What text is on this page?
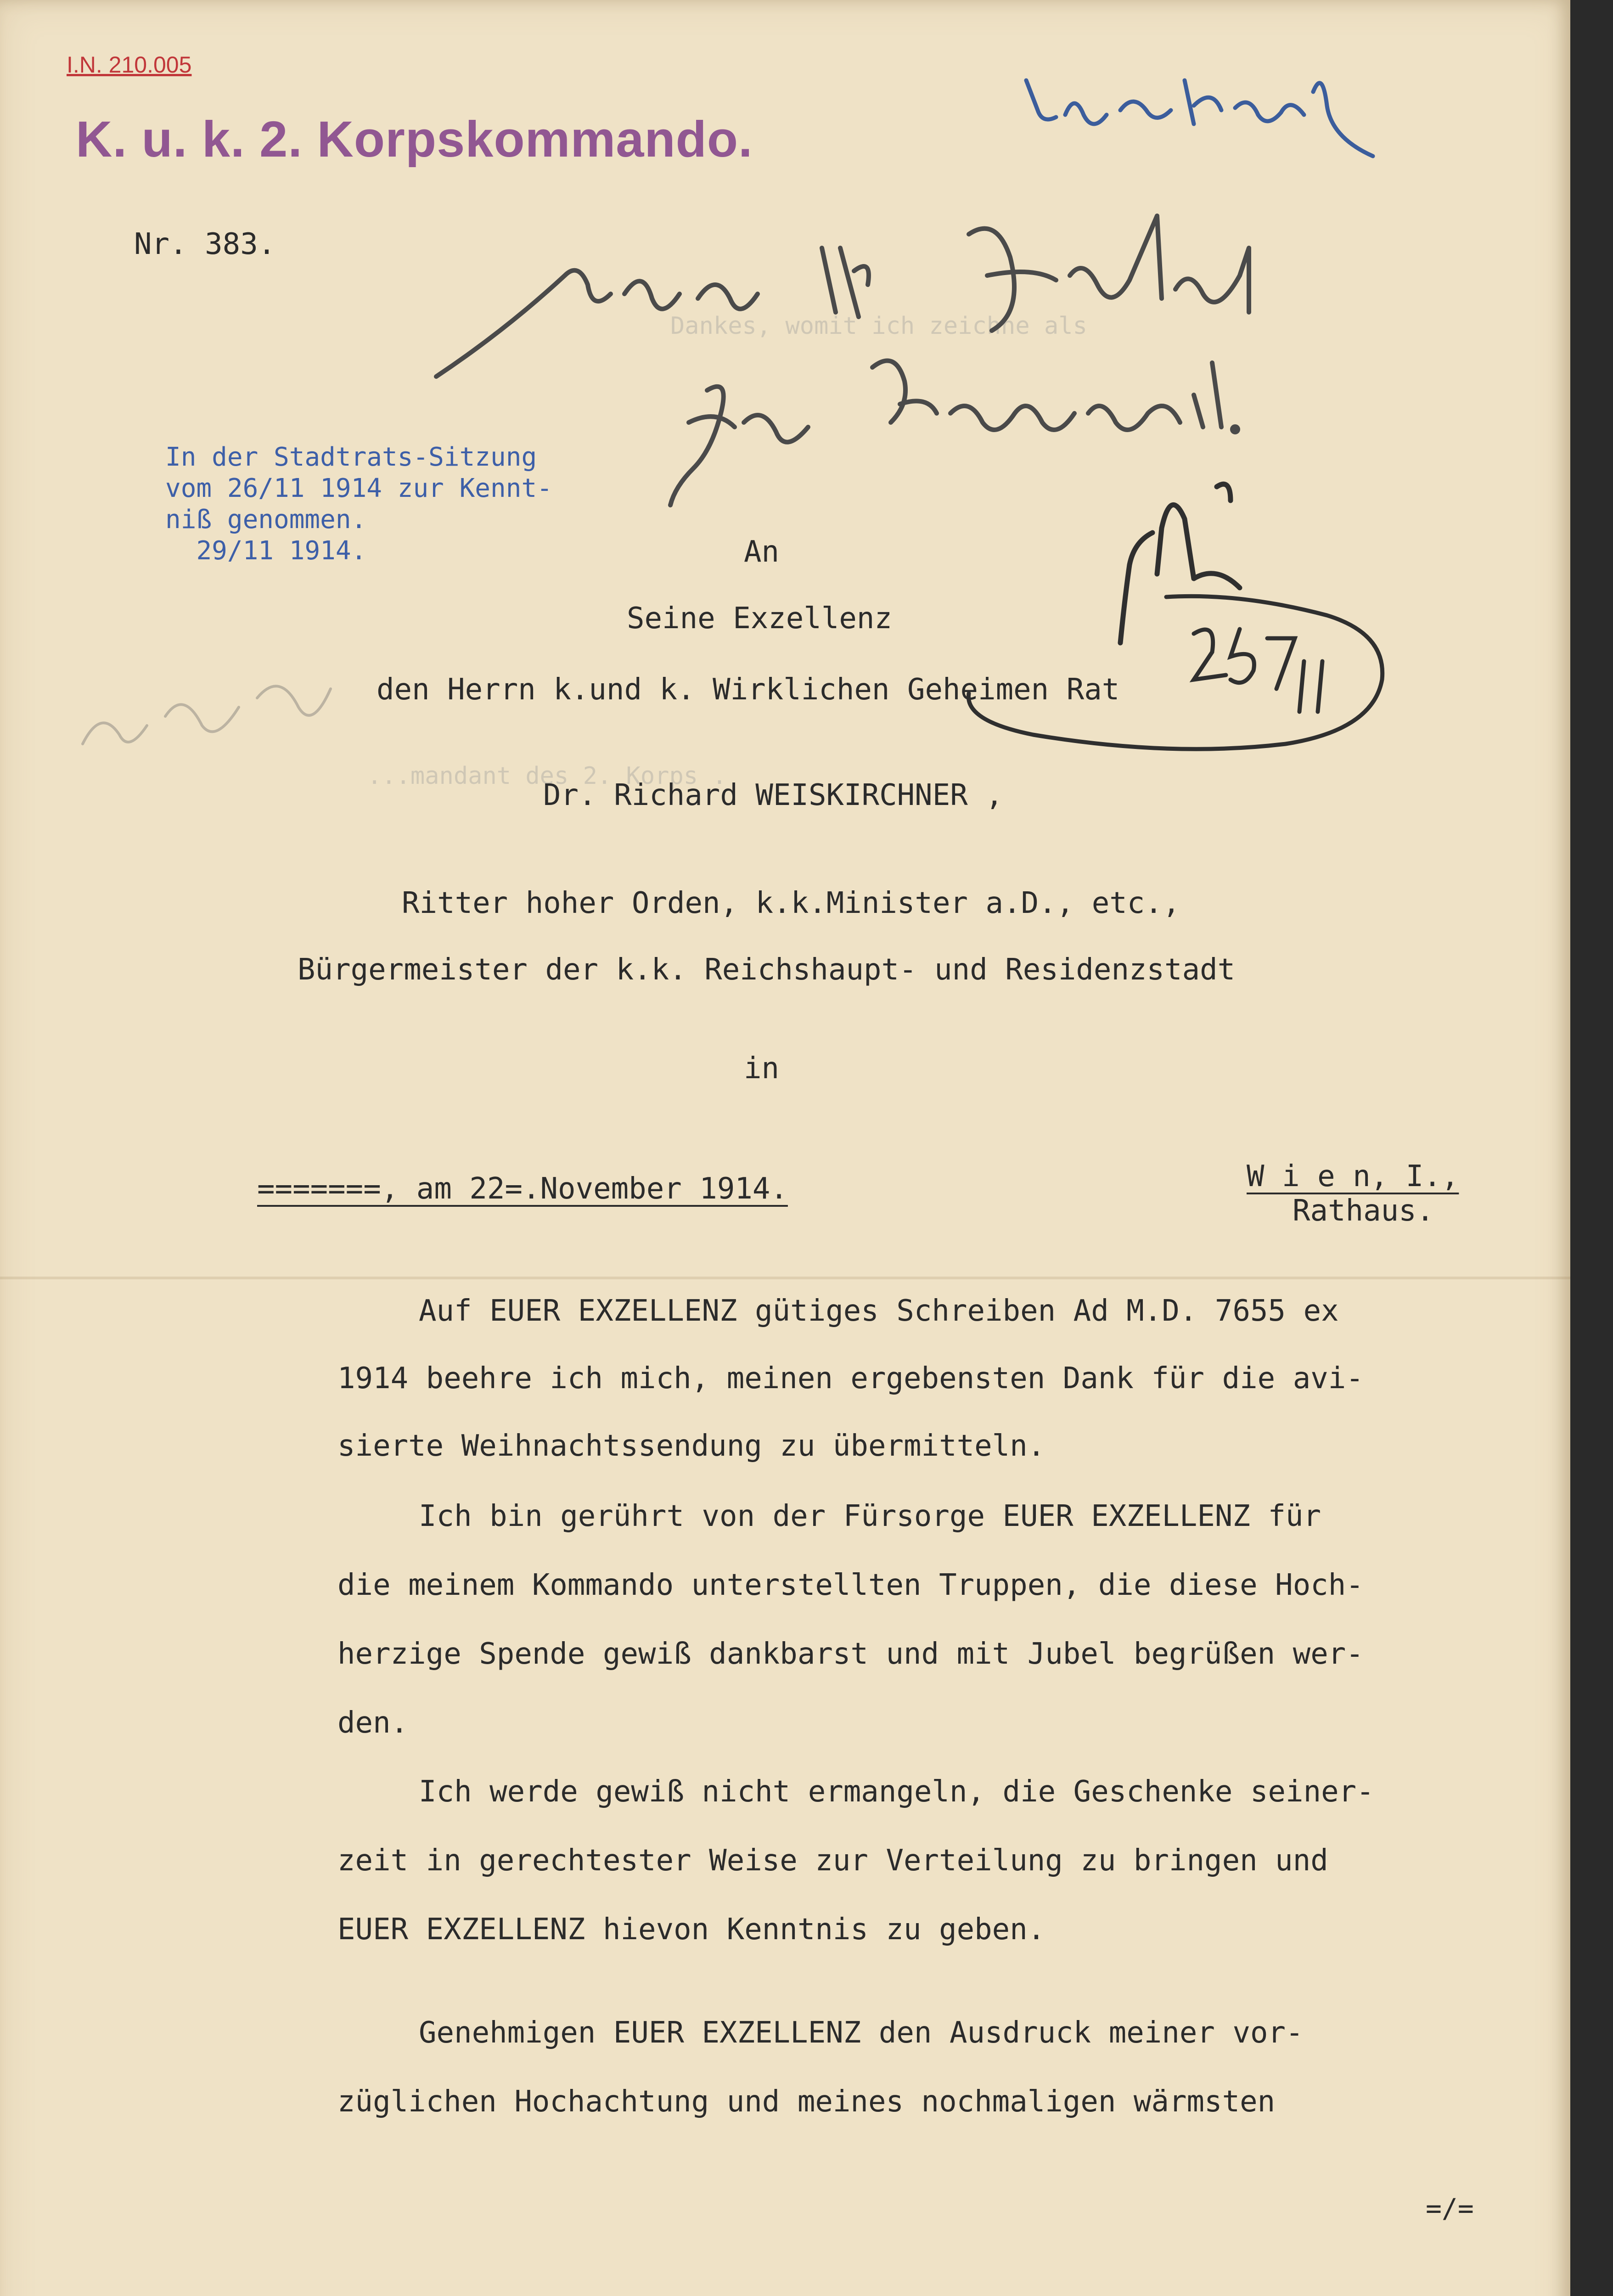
I.N. 210.005
K. u. k. 2. Korpskommando.
Nr. 383.
Dankes, womit ich zeichne als
...mandant des 2. Korps .
In der Stadtrats-Sitzung
vom 26/11 1914 zur Kennt-
niß genommen.
29/11 1914.	An
Seine Exzellenz
den Herrn k.und k. Wirklichen Geheimen Rat
Dr. Richard WEISKIRCHNER ,
Ritter hoher Orden, k.k.Minister a.D., etc.,
Bürgermeister der k.k. Reichshaupt- und Residenzstadt
in
=======, am 22=.November 1914.	W i e n, I.,
Rathaus.
Auf EUER EXZELLENZ gütiges Schreiben Ad M.D. 7655 ex
1914 beehre ich mich, meinen ergebensten Dank für die avi-
sierte Weihnachtssendung zu übermitteln.
Ich bin gerührt von der Fürsorge EUER EXZELLENZ für
die meinem Kommando unterstellten Truppen, die diese Hoch-
herzige Spende gewiß dankbarst und mit Jubel begrüßen wer-
den.
Ich werde gewiß nicht ermangeln, die Geschenke seiner-
zeit in gerechtester Weise zur Verteilung zu bringen und
EUER EXZELLENZ hievon Kenntnis zu geben.
Genehmigen EUER EXZELLENZ den Ausdruck meiner vor-
züglichen Hochachtung und meines nochmaligen wärmsten
=/=
